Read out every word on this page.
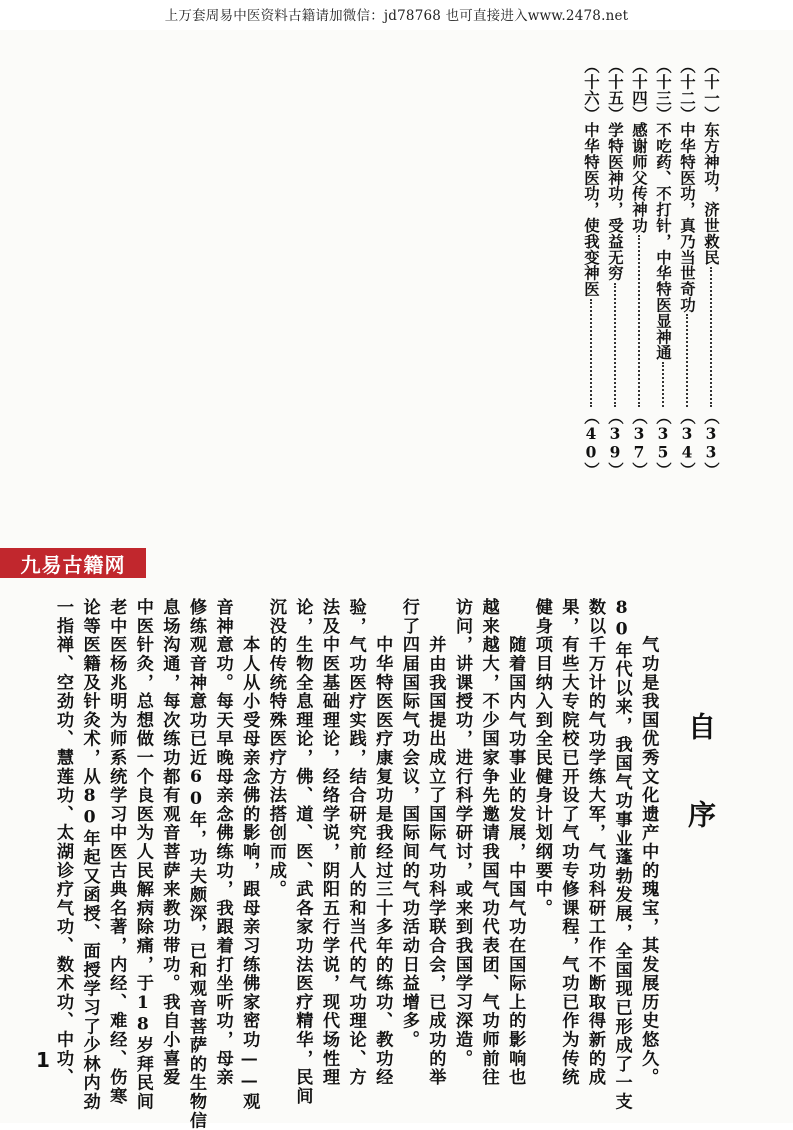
上万套周易中医资料古籍请加微信：jd78768 也可直接进入www.2478.net
（十一）
东方神功，济世救民
（33）
（十二）
中华特医功，真乃当世奇功
（34）
（十三）
不吃药、不打针，中华特医显神通
（35）
（十四）
感谢师父传神功
（37）
（十五）
学特医神功，受益无穷
（39）
（十六）
中华特医功，使我变神医
（40）
自序
　　气功是我国优秀文化遗产中的瑰宝，其发展历史悠久。
80年代以来，我国气功事业蓬勃发展，全国现已形成了一支
数以千万计的气功学练大军，气功科研工作不断取得新的成
果，有些大专院校已开设了气功专修课程，气功已作为传统
健身项目纳入到全民健身计划纲要中。
　　随着国内气功事业的发展，中国气功在国际上的影响也
越来越大，不少国家争先邀请我国气功代表团、气功师前往
访问，讲课授功，进行科学研讨，或来到我国学习深造。
　　并由我国提出成立了国际气功科学联合会，已成功的举
行了四届国际气功会议，国际间的气功活动日益增多。
　　中华特医医疗康复功是我经过三十多年的练功、教功经
验，气功医疗实践，结合研究前人的和当代的气功理论、方
法及中医基础理论，经络学说，阴阳五行学说，现代场性理
论，生物全息理论，佛、道、医、武各家功法医疗精华，民间
沉没的传统特殊医疗方法搭创而成。
　　本人从小受母亲念佛的影响，跟母亲习练佛家密功——观
音神意功。每天早晚母亲念佛练功，我跟着打坐听功，母亲
修练观音神意功已近60年，功夫颇深，已和观音菩萨的生物信
息场沟通，每次练功都有观音菩萨来教功带功。我自小喜爱
中医针灸，总想做一个良医为人民解病除痛，于18岁拜民间
老中医杨兆明为师系统学习中医古典名著，内经、难经、伤寒
论等医籍及针灸术，从80年起又函授、面授学习了少林内劲
一指禅、空劲功、慧莲功、太湖诊疗气功、数术功、中功、
九易古籍网
1
